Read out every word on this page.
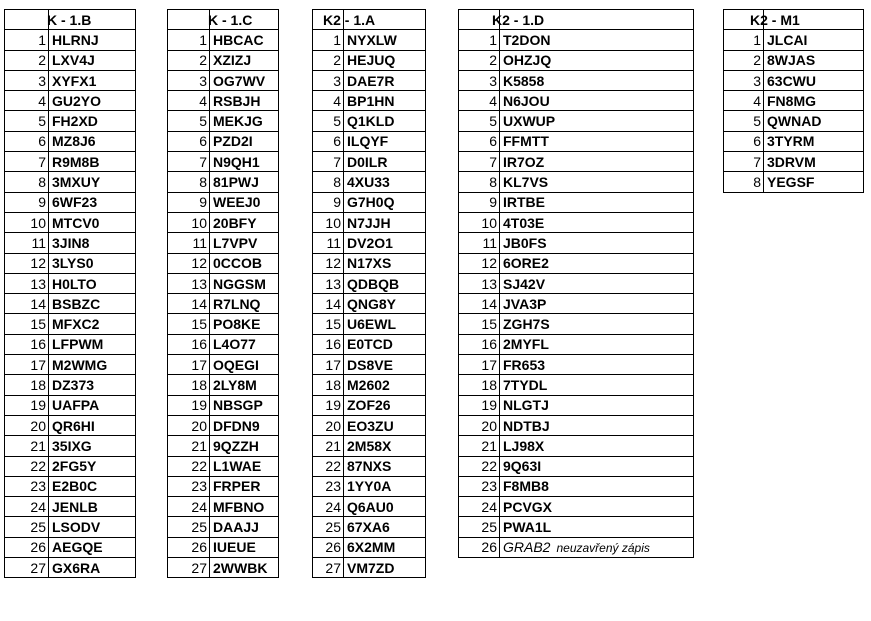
	K - 1.B
1	HLRNJ
2	LXV4J
3	XYFX1
4	GU2YO
5	FH2XD
6	MZ8J6
7	R9M8B
8	3MXUY
9	6WF23
10	MTCV0
11	3JIN8
12	3LYS0
13	H0LTO
14	BSBZC
15	MFXC2
16	LFPWM
17	M2WMG
18	DZ373
19	UAFPA
20	QR6HI
21	35IXG
22	2FG5Y
23	E2B0C
24	JENLB
25	LSODV
26	AEGQE
27	GX6RA
	K - 1.C
1	HBCAC
2	XZIZJ
3	OG7WV
4	RSBJH
5	MEKJG
6	PZD2I
7	N9QH1
8	81PWJ
9	WEEJ0
10	20BFY
11	L7VPV
12	0CCOB
13	NGGSM
14	R7LNQ
15	PO8KE
16	L4O77
17	OQEGI
18	2LY8M
19	NBSGP
20	DFDN9
21	9QZZH
22	L1WAE
23	FRPER
24	MFBNO
25	DAAJJ
26	IUEUE
27	2WWBK
	K2 - 1.A
1	NYXLW
2	HEJUQ
3	DAE7R
4	BP1HN
5	Q1KLD
6	ILQYF
7	D0ILR
8	4XU33
9	G7H0Q
10	N7JJH
11	DV2O1
12	N17XS
13	QDBQB
14	QNG8Y
15	U6EWL
16	E0TCD
17	DS8VE
18	M2602
19	ZOF26
20	EO3ZU
21	2M58X
22	87NXS
23	1YY0A
24	Q6AU0
25	67XA6
26	6X2MM
27	VM7ZD
	K2 - 1.D
1	T2DON
2	OHZJQ
3	K5858
4	N6JOU
5	UXWUP
6	FFMTT
7	IR7OZ
8	KL7VS
9	IRTBE
10	4T03E
11	JB0FS
12	6ORE2
13	SJ42V
14	JVA3P
15	ZGH7S
16	2MYFL
17	FR653
18	7TYDL
19	NLGTJ
20	NDTBJ
21	LJ98X
22	9Q63I
23	F8MB8
24	PCVGX
25	PWA1L
26	GRAB2 neuzavřený zápis
	K2 - M1
1	JLCAI
2	8WJAS
3	63CWU
4	FN8MG
5	QWNAD
6	3TYRM
7	3DRVM
8	YEGSF
